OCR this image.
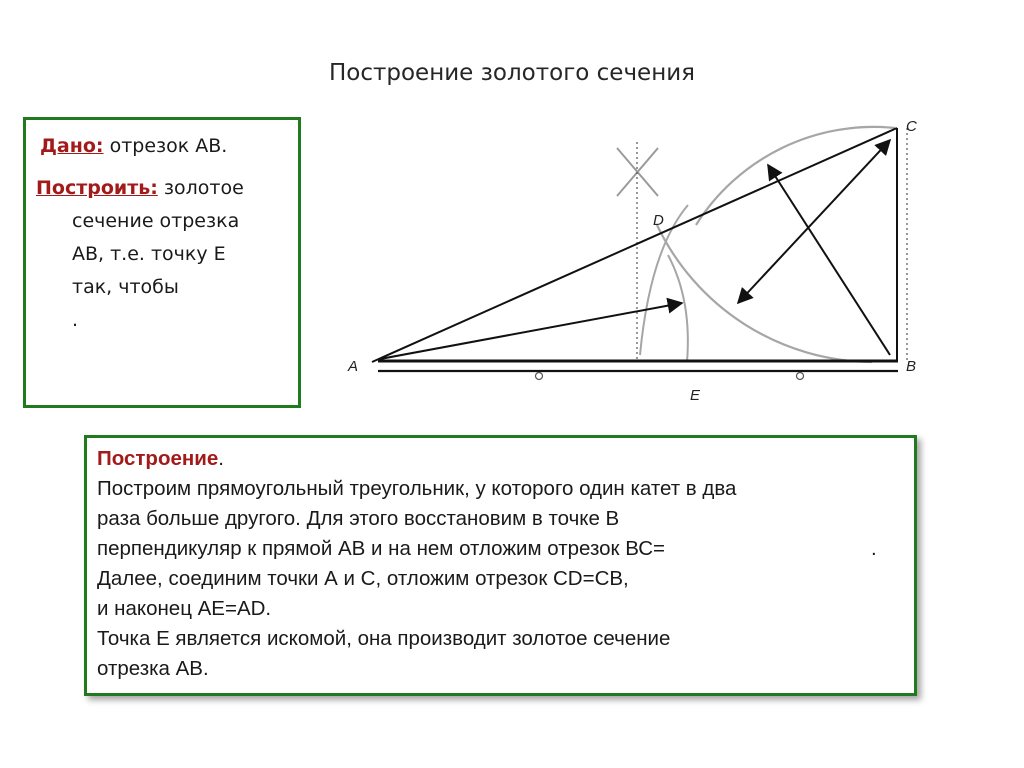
Построение золотого сечения
Дано: отрезок АВ.
Построить: золотое
сечение отрезка
АВ, т.е. точку Е
так, чтобы
.
A	B
C
D
E
Построение.
Построим прямоугольный треугольник, у которого один катет в два
раза больше другого. Для этого восстановим в точке В
перпендикуляр к прямой АВ и на нем отложим отрезок ВС=	.
Далее, соединим точки А и С, отложим отрезок СD=СВ,
и наконец АЕ=АD.
Точка Е является искомой, она производит золотое сечение
отрезка АВ.
